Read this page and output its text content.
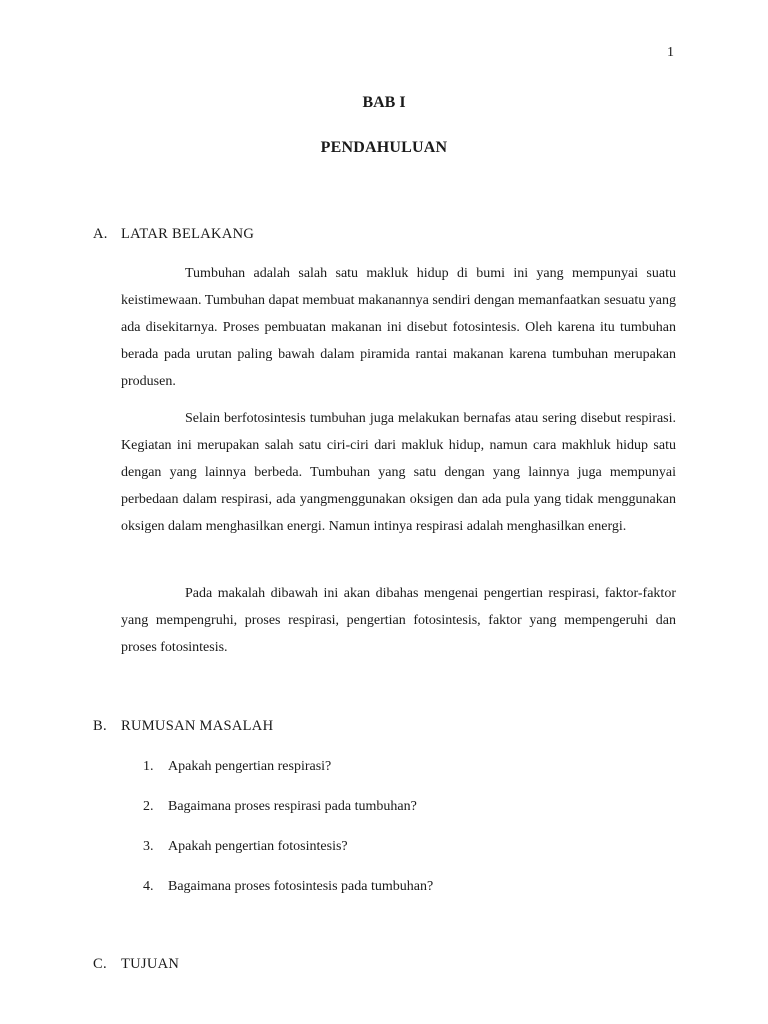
1
BAB I
PENDAHULUAN
A. LATAR BELAKANG

Tumbuhan adalah salah satu makluk hidup di bumi ini yang mempunyai suatu keistimewaan. Tumbuhan dapat membuat makanannya sendiri dengan memanfaatkan sesuatu yang ada disekitarnya. Proses pembuatan makanan ini disebut fotosintesis. Oleh karena itu tumbuhan berada pada urutan paling bawah dalam piramida rantai makanan karena tumbuhan merupakan produsen.

Selain berfotosintesis tumbuhan juga melakukan bernafas atau sering disebut respirasi. Kegiatan ini merupakan salah satu ciri-ciri dari makluk hidup, namun cara makhluk hidup satu dengan yang lainnya berbeda. Tumbuhan yang satu dengan yang lainnya juga mempunyai perbedaan dalam respirasi, ada yangmenggunakan oksigen dan ada pula yang tidak menggunakan oksigen dalam menghasilkan energi. Namun intinya respirasi adalah menghasilkan energi.

Pada makalah dibawah ini akan dibahas mengenai pengertian respirasi, faktor-faktor yang mempengruhi, proses respirasi, pengertian fotosintesis, faktor yang mempengeruhi dan proses fotosintesis.

B. RUMUSAN MASALAH
1. Apakah pengertian respirasi?
2. Bagaimana proses respirasi pada tumbuhan?
3. Apakah pengertian fotosintesis?
4. Bagaimana proses fotosintesis pada tumbuhan?
C. TUJUAN
